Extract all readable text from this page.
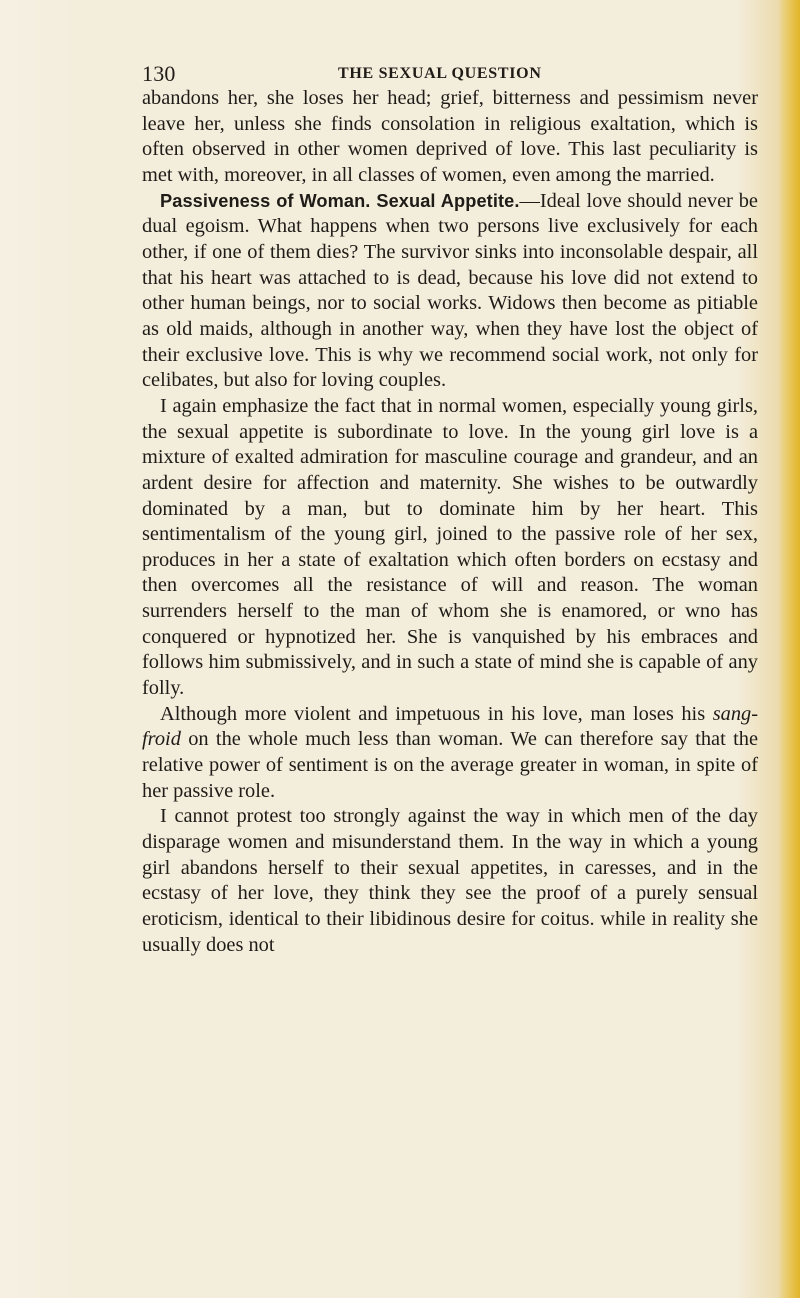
130	THE SEXUAL QUESTION

abandons her, she loses her head; grief, bitterness and pessimism never leave her, unless she finds consolation in religious exaltation, which is often observed in other women deprived of love. This last peculiarity is met with, moreover, in all classes of women, even among the married.

Passiveness of Woman. Sexual Appetite.—Ideal love should never be dual egoism. What happens when two persons live exclusively for each other, if one of them dies? The survivor sinks into inconsolable despair, all that his heart was attached to is dead, because his love did not extend to other human beings, nor to social works. Widows then become as pitiable as old maids, although in another way, when they have lost the object of their exclusive love. This is why we recommend social work, not only for celibates, but also for loving couples.

I again emphasize the fact that in normal women, especially young girls, the sexual appetite is subordinate to love. In the young girl love is a mixture of exalted admiration for masculine courage and grandeur, and an ardent desire for affection and maternity. She wishes to be outwardly dominated by a man, but to dominate him by her heart. This sentimentalism of the young girl, joined to the passive role of her sex, produces in her a state of exaltation which often borders on ecstasy and then overcomes all the resistance of will and reason. The woman surrenders herself to the man of whom she is enamored, or wno has conquered or hypnotized her. She is vanquished by his embraces and follows him submissively, and in such a state of mind she is capable of any folly.

Although more violent and impetuous in his love, man loses his sang-froid on the whole much less than woman. We can therefore say that the relative power of sentiment is on the average greater in woman, in spite of her passive role.

I cannot protest too strongly against the way in which men of the day disparage women and misunderstand them. In the way in which a young girl abandons herself to their sexual appetites, in caresses, and in the ecstasy of her love, they think they see the proof of a purely sensual eroticism, identical to their libidinous desire for coitus. while in reality she usually does not
